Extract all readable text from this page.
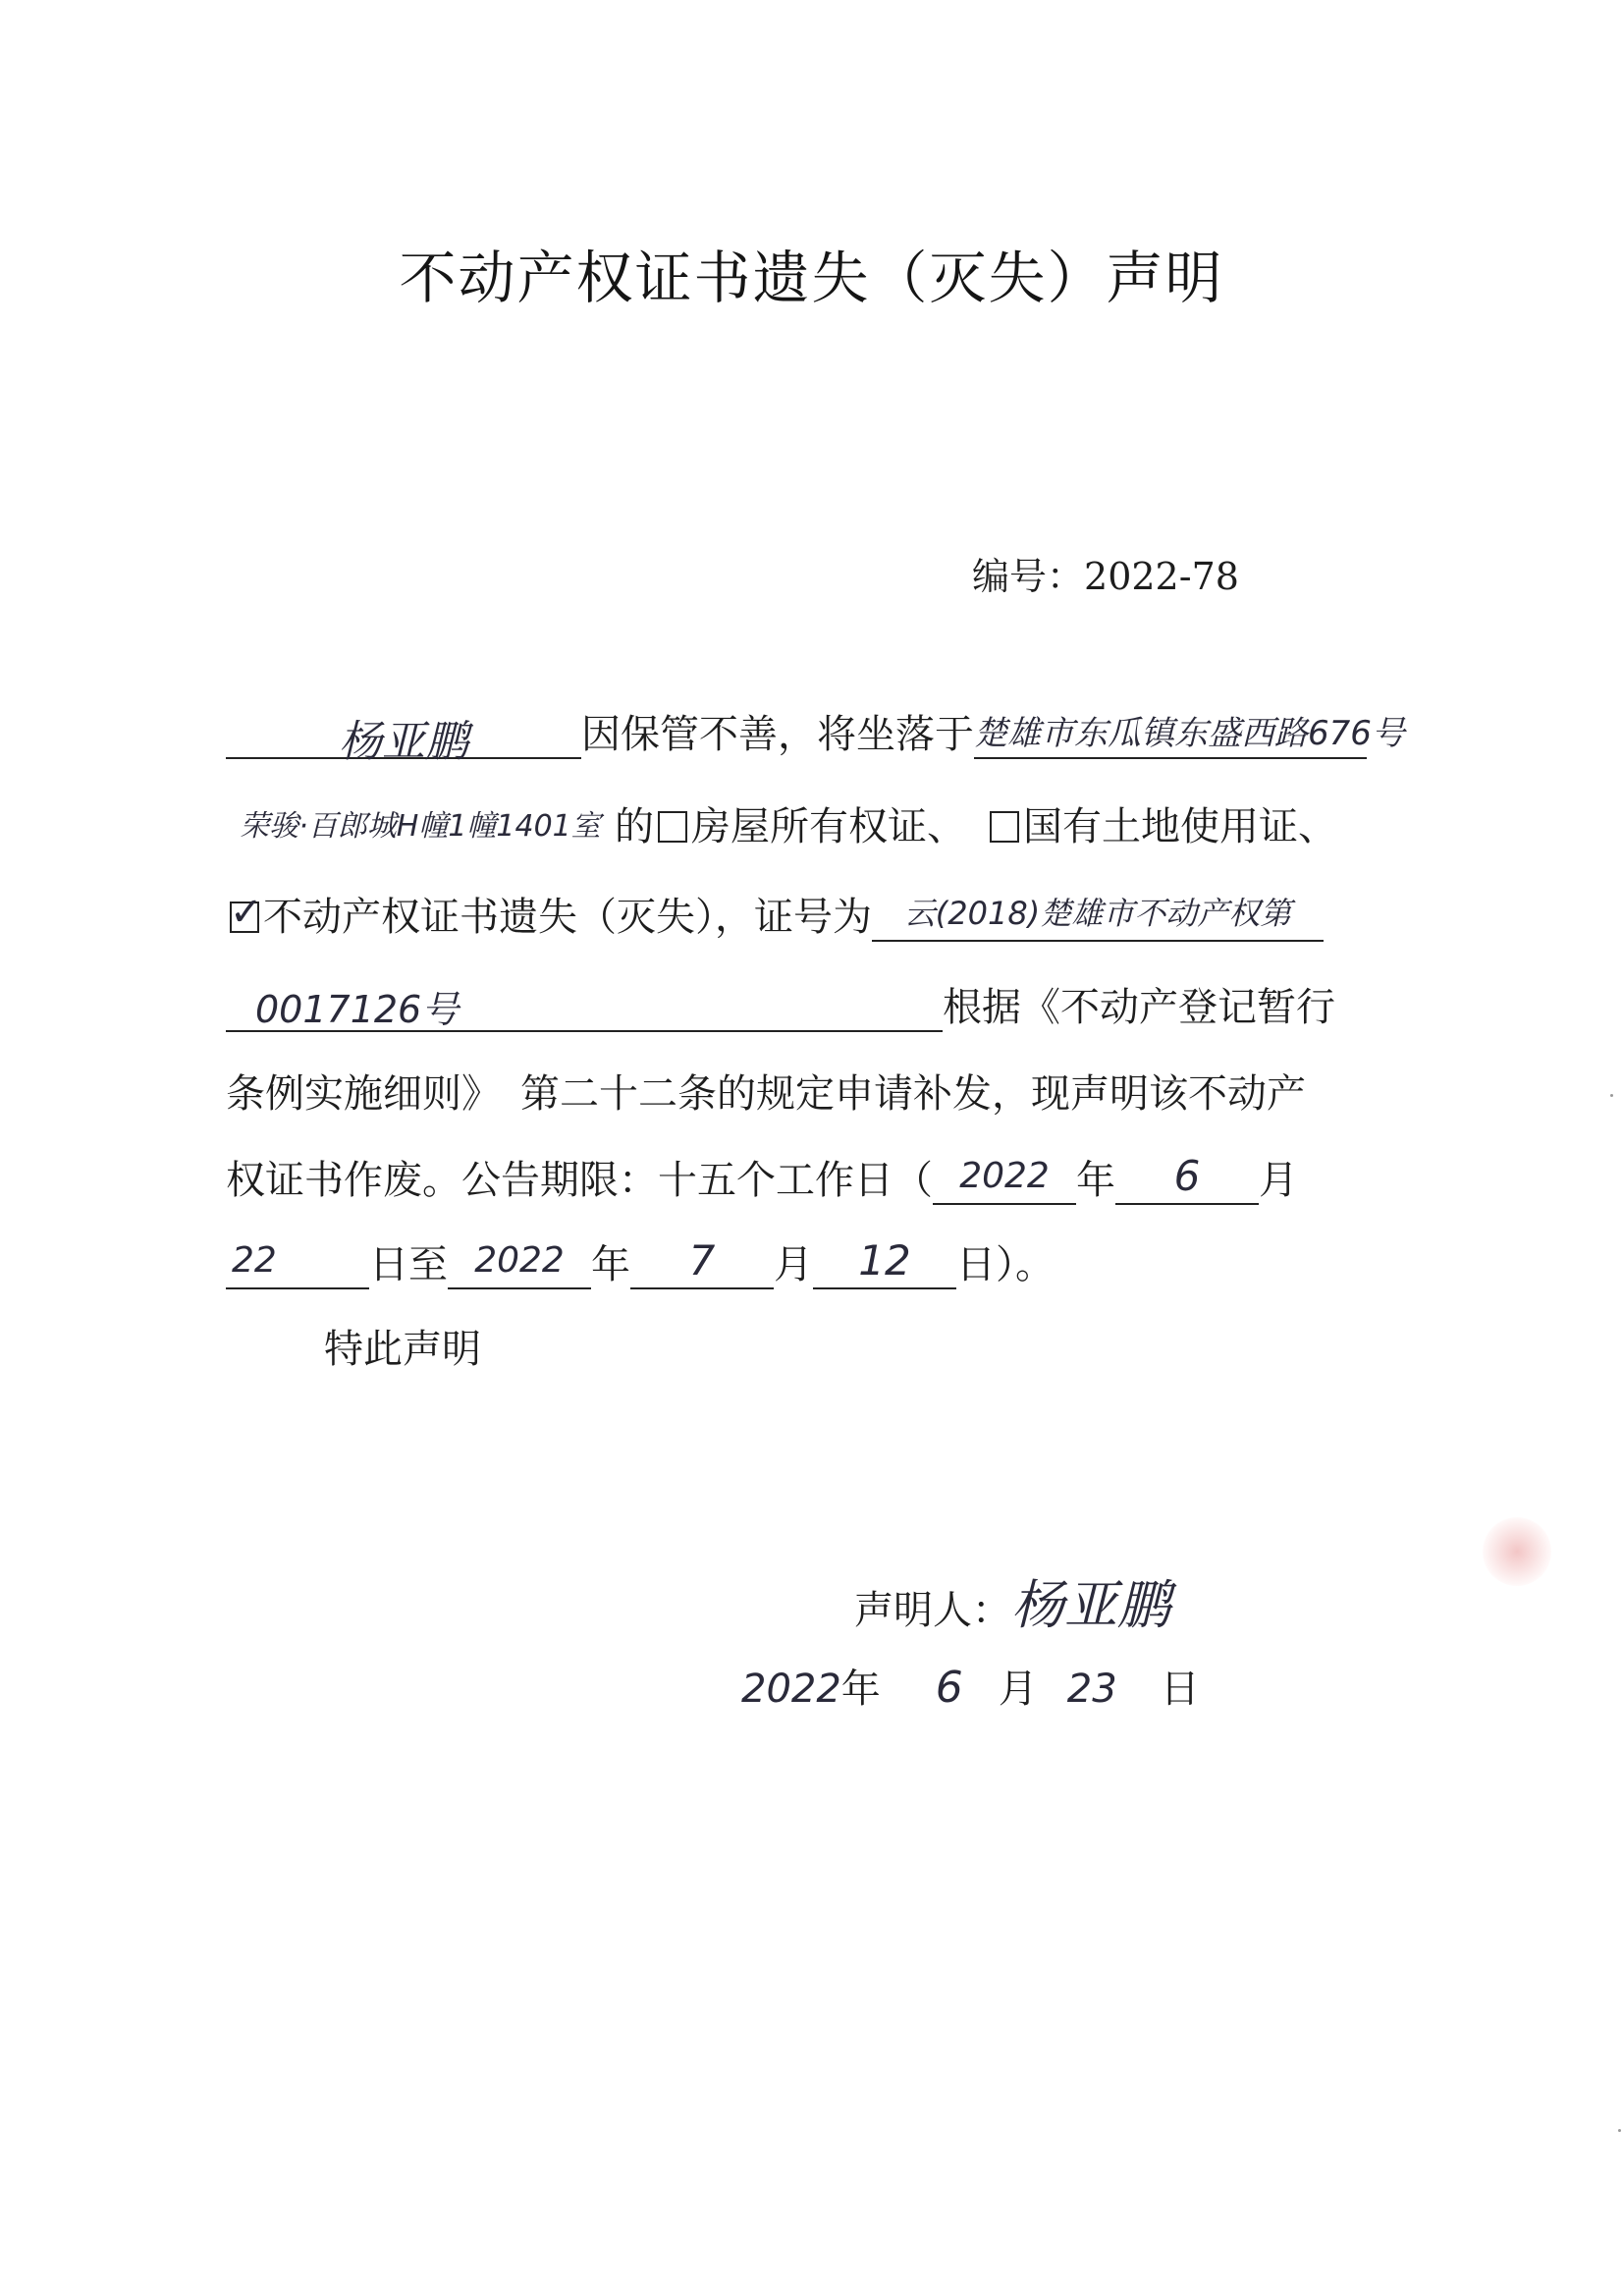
不动产权证书遗失（灭失）声明
编号：2022-78
杨亚鹏	因保管不善，将坐落于楚雄市东瓜镇东盛西路676号
荣骏·百郎城H幢1幢1401室 的 房屋所有权证、　 国有土地使用证、
✓ 不动产权证书遗失（灭失），证号为 云(2018)楚雄市不动产权第
0017126号	根据《不动产登记暂行
条例实施细则》　第二十二条的规定申请补发，现声明该不动产
权证书作废。公告期限：十五个工作日（ 2022 年 6 月
22 日至 2022 年 7 月 12 日）。
特此声明
声明人：杨亚鹏
2022年 6 月 23 日
